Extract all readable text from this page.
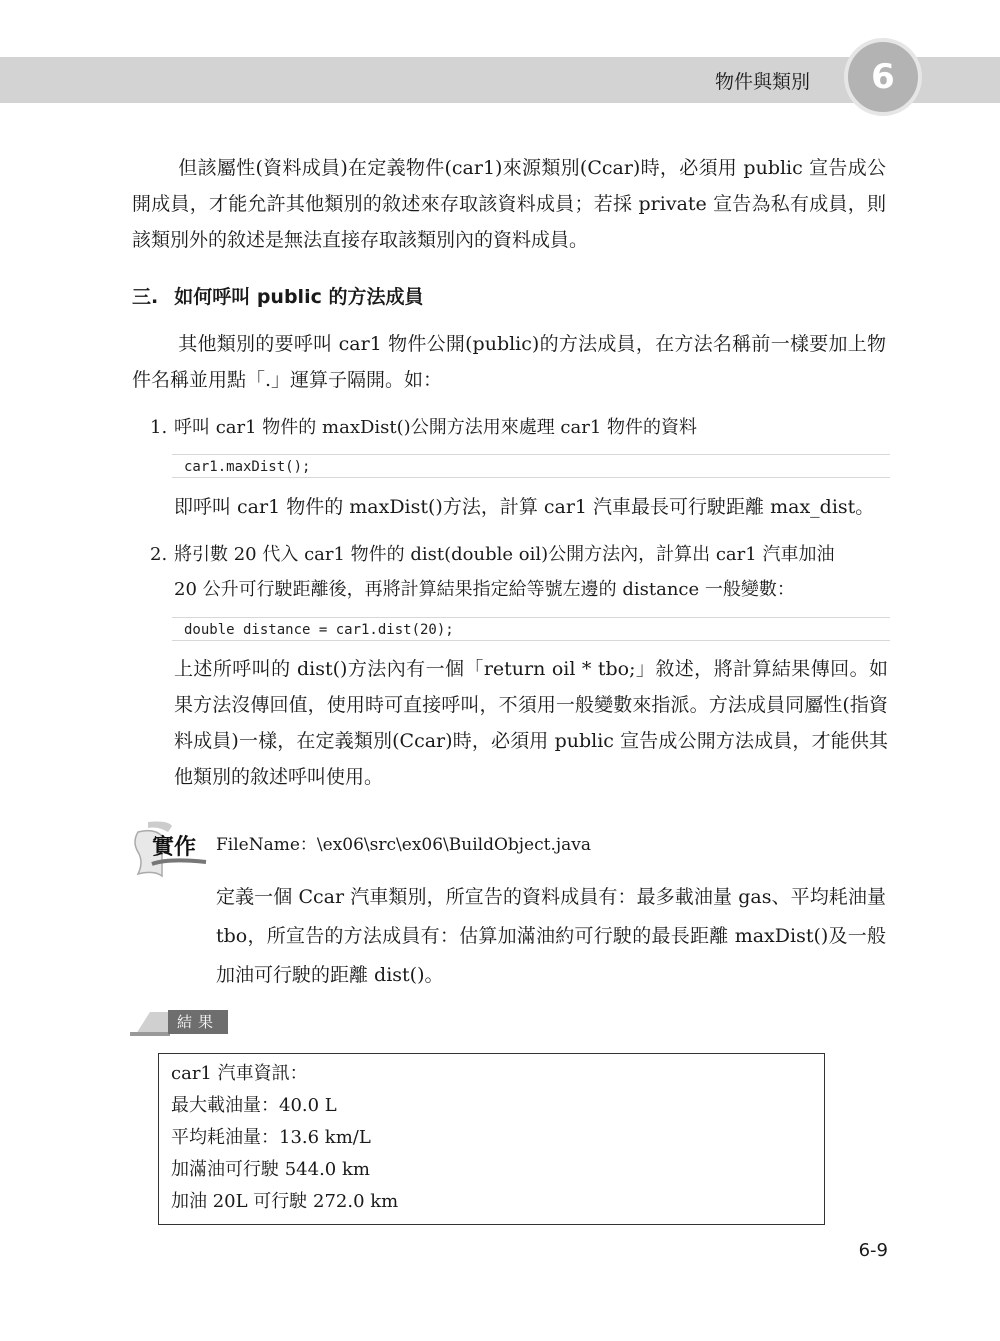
物件與類別	6

但該屬性(資料成員)在定義物件(car1)來源類別(Ccar)時，必須用 public 宣告成公開成員，才能允許其他類別的敘述來存取該資料成員；若採 private 宣告為私有成員，則該類別外的敘述是無法直接存取該類別內的資料成員。

三. 如何呼叫 public 的方法成員

其他類別的要呼叫 car1 物件公開(public)的方法成員，在方法名稱前一樣要加上物件名稱並用點「.」運算子隔開。如：

1. 呼叫 car1 物件的 maxDist()公開方法用來處理 car1 物件的資料

car1.maxDist();

即呼叫 car1 物件的 maxDist()方法，計算 car1 汽車最長可行駛距離 max_dist。

2. 將引數 20 代入 car1 物件的 dist(double oil)公開方法內，計算出 car1 汽車加油

20 公升可行駛距離後，再將計算結果指定給等號左邊的 distance 一般變數：

double distance = car1.dist(20);

上述所呼叫的 dist()方法內有一個「return oil * tbo;」敘述，將計算結果傳回。如果方法沒傳回值，使用時可直接呼叫，不須用一般變數來指派。方法成員同屬性(指資料成員)一樣，在定義類別(Ccar)時，必須用 public 宣告成公開方法成員，才能供其他類別的敘述呼叫使用。

實作 FileName：\ex06\src\ex06\BuildObject.java

定義一個 Ccar 汽車類別，所宣告的資料成員有：最多載油量 gas、平均耗油量 tbo，所宣告的方法成員有：估算加滿油約可行駛的最長距離 maxDist()及一般加油可行駛的距離 dist()。

結果

car1 汽車資訊：

最大載油量：40.0 L

平均耗油量：13.6 km/L

加滿油可行駛 544.0 km

加油 20L 可行駛 272.0 km

6-9
